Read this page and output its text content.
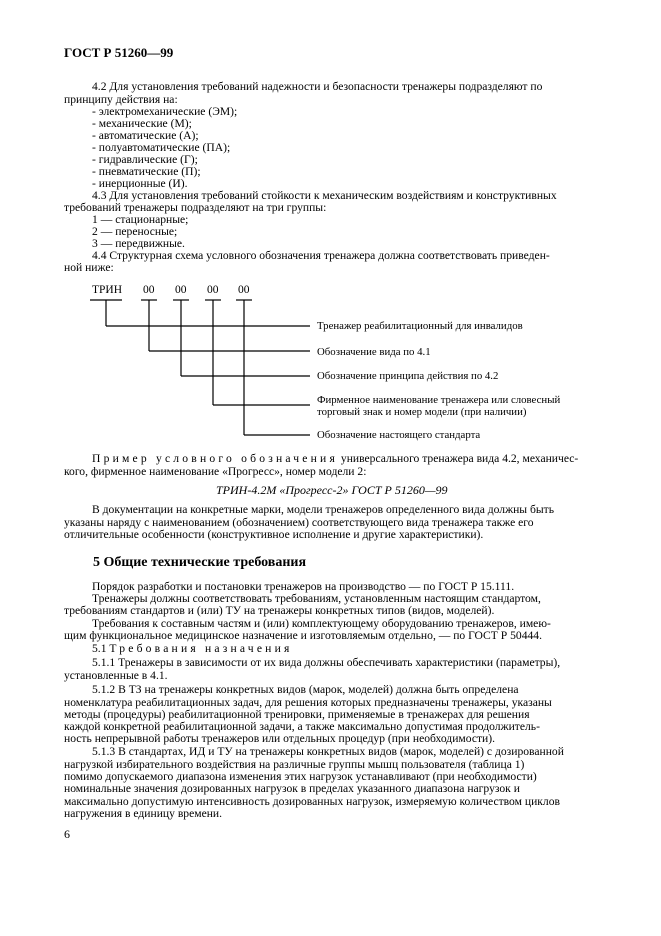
ГОСТ Р 51260—99
4.2 Для установления требований надежности и безопасности тренажеры подразделяют по
принципу действия на:
- электромеханические (ЭМ);
- механические (М);
- автоматические (А);
- полуавтоматические (ПА);
- гидравлические (Г);
- пневматические (П);
- инерционные (И).
4.3 Для установления требований стойкости к механическим воздействиям и конструктивных
требований тренажеры подразделяют на три группы:
1 — стационарные;
2 — переносные;
3 — передвижные.
4.4 Структурная схема условного обозначения тренажера должна соответствовать приведен-
ной ниже:
ТРИН 00 00 00 00
Тренажер реабилитационный для инвалидов
Обозначение вида по 4.1
Обозначение принципа действия по 4.2
Фирменное наименование тренажера или словесный
торговый знак и номер модели (при наличии)
Обозначение настоящего стандарта
Пример условного обозначения универсального тренажера вида 4.2, механичес-
кого, фирменное наименование «Прогресс», номер модели 2:
ТРИН-4.2М «Прогресс-2» ГОСТ Р 51260—99
В документации на конкретные марки, модели тренажеров определенного вида должны быть
указаны наряду с наименованием (обозначением) соответствующего вида тренажера также его
отличительные особенности (конструктивное исполнение и другие характеристики).
5 Общие технические требования
Порядок разработки и постановки тренажеров на производство — по ГОСТ Р 15.111.
Тренажеры должны соответствовать требованиям, установленным настоящим стандартом,
требованиям стандартов и (или) ТУ на тренажеры конкретных типов (видов, моделей).
Требования к составным частям и (или) комплектующему оборудованию тренажеров, имею-
щим функциональное медицинское назначение и изготовляемым отдельно, — по ГОСТ Р 50444.
5.1 Требования назначения
5.1.1 Тренажеры в зависимости от их вида должны обеспечивать характеристики (параметры),
установленные в 4.1.
5.1.2 В ТЗ на тренажеры конкретных видов (марок, моделей) должна быть определена
номенклатура реабилитационных задач, для решения которых предназначены тренажеры, указаны
методы (процедуры) реабилитационной тренировки, применяемые в тренажерах для решения
каждой конкретной реабилитационной задачи, а также максимально допустимая продолжитель-
ность непрерывной работы тренажеров или отдельных процедур (при необходимости).
5.1.3 В стандартах, ИД и ТУ на тренажеры конкретных видов (марок, моделей) с дозированной
нагрузкой избирательного воздействия на различные группы мышц пользователя (таблица 1)
помимо допускаемого диапазона изменения этих нагрузок устанавливают (при необходимости)
номинальные значения дозированных нагрузок в пределах указанного диапазона нагрузок и
максимально допустимую интенсивность дозированных нагрузок, измеряемую количеством циклов
нагружения в единицу времени.
6
